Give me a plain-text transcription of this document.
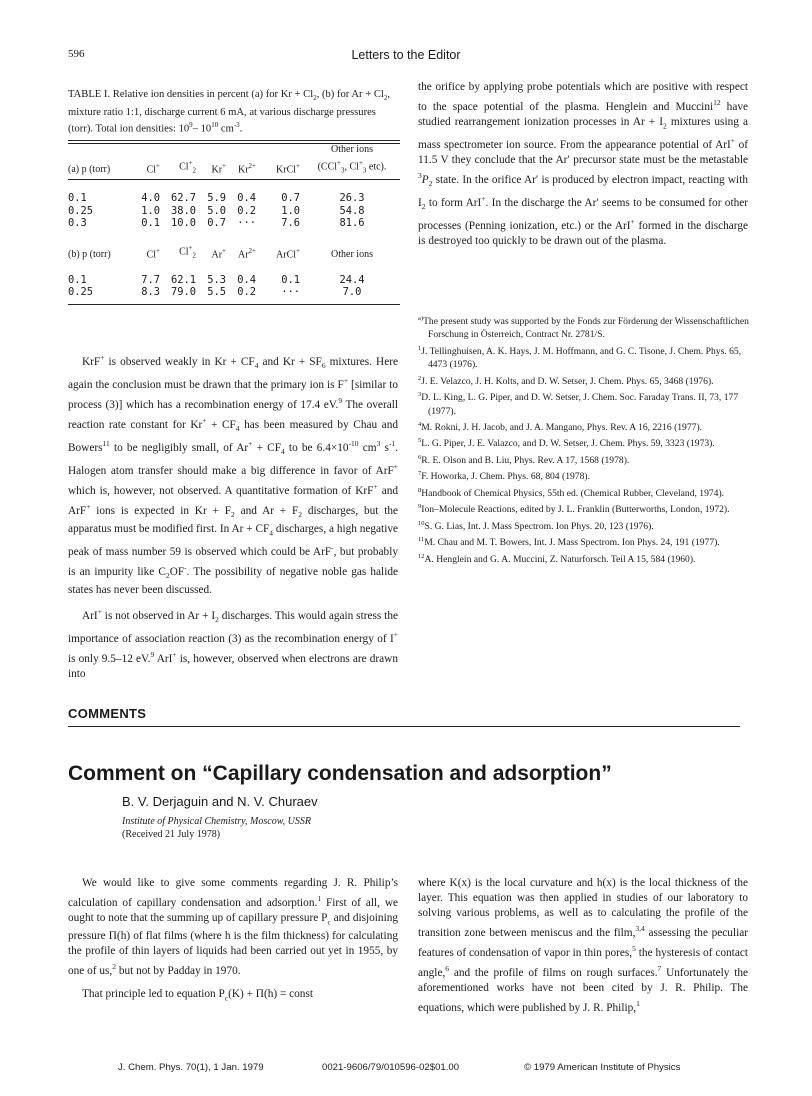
596	Letters to the Editor

TABLE I. Relative ion densities in percent (a) for $Kr + Cl_2$, (b) for $Ar + Cl_2$, mixture ratio 1:1, discharge current 6 mA, at various discharge pressures (torr). Total ion densities: $10^9-$ $10^{10}$ $cm^{-3}$.

						Other ions
(a) p (torr)	Cl+	$Cl^+_2$	Kr+	$Kr^{2+}$	KrCl+	(CCl+$_3$, $Cl^+_3$ etc).

0.1	4.0	62.7	5.9	0.4	0.7	26.3
0.25	1.0	38.0	5.0	0.2	1.0	54.8
0.3	0.1	10.0	0.7	···	7.6	81.6

(b) p (torr)	Cl+	$Cl^+_2$	Ar+	$Ar^{2+}$	ArCl+	Other ions

0.1	7.7	62.1	5.3	0.4	0.1	24.4
0.25	8.3	79.0	5.5	0.2	···	7.0

the orifice by applying probe potentials which are positive with respect to the space potential of the plasma. Henglein and Muccini$^{12}$ have studied rearrangement ionization processes in $Ar + I_2$ mixtures using a mass spectrometer ion source. From the appearance potential of ArI+ of 11.5 V they conclude that the Ar′ precursor state must be the metastable $^3P_2$ state. In the orifice Ar′ is produced by electron impact, reacting with $I_2$ to form ArI+. In the discharge the Ar′ seems to be consumed for other processes (Penning ionization, etc.) or the ArI+ formed in the discharge is destroyed too quickly to be drawn out of the plasma.

KrF+ is observed weakly in $Kr + CF_4$ and $Kr + SF_6$ mixtures. Here again the conclusion must be drawn that the primary ion is F+ [similar to process (3)] which has a recombination energy of 17.4 eV.$^9$ The overall reaction rate constant for $Kr^+ + CF_4$ has been measured by Chau and Bowers$^{11}$ to be negligibly small, of $Ar^+ + CF_4$ to be $6.4\times 10^{-10}$ $cm^3$ $s^{-1}$. Halogen atom transfer should make a big difference in favor of ArF+ which is, however, not observed. A quantitative formation of KrF+ and ArF+ ions is expected in $Kr + F_2$ and $Ar + F_2$ discharges, but the apparatus must be modified first. In $Ar + CF_4$ discharges, a high negative peak of mass number 59 is observed which could be ArF-, but probably is an impurity like $C_2OF^-$. The possibility of negative noble gas halide states has never been discussed.

ArI+ is not observed in $Ar + I_2$ discharges. This would again stress the importance of association reaction (3) as the recombination energy of I+ is only 9.5–12 eV.$^9$ ArI+ is, however, observed when electrons are drawn into

$^{a)}$The present study was supported by the Fonds zur Förderung der Wissenschaftlichen Forschung in Österreich, Contract Nr. 2781/S.

$^1$J. Tellinghuisen, A. K. Hays, J. M. Hoffmann, and G. C. Tisone, J. Chem. Phys. 65, 4473 (1976).

$^2$J. E. Velazco, J. H. Kolts, and D. W. Setser, J. Chem. Phys. 65, 3468 (1976).

$^3$D. L. King, L. G. Piper, and D. W. Setser, J. Chem. Soc. Faraday Trans. II, 73, 177 (1977).

$^4$M. Rokni, J. H. Jacob, and J. A. Mangano, Phys. Rev. A 16, 2216 (1977).

$^5$L. G. Piper, J. E. Valazco, and D. W. Setser, J. Chem. Phys. 59, 3323 (1973).

$^6$R. E. Olson and B. Liu, Phys. Rev. A 17, 1568 (1978).

$^7$F. Howorka, J. Chem. Phys. 68, 804 (1978).

$^8$Handbook of Chemical Physics, 55th ed. (Chemical Rubber, Cleveland, 1974).

$^9$Ion–Molecule Reactions, edited by J. L. Franklin (Butterworths, London, 1972).

$^{10}$S. G. Lias, Int. J. Mass Spectrom. Ion Phys. 20, 123 (1976).

$^{11}$M. Chau and M. T. Bowers, Int. J. Mass Spectrom. Ion Phys. 24, 191 (1977).

$^{12}$A. Henglein and G. A. Muccini, Z. Naturforsch. Teil A 15, 584 (1960).

COMMENTS
Comment on “Capillary condensation and adsorption”
B. V. Derjaguin and N. V. Churaev
Institute of Physical Chemistry, Moscow, USSR
(Received 21 July 1978)

We would like to give some comments regarding J. R. Philip’s calculation of capillary condensation and adsorption.$^1$ First of all, we ought to note that the summing up of capillary pressure $P_c$ and disjoining pressure Π(h) of flat films (where h is the film thickness) for calculating the profile of thin layers of liquids had been carried out yet in 1955, by one of us,$^2$ but not by Padday in 1970.

That principle led to equation $P_c(K) + \Pi(h)$ = const

where K(x) is the local curvature and h(x) is the local thickness of the layer. This equation was then applied in studies of our laboratory to solving various problems, as well as to calculating the profile of the transition zone between meniscus and the film,$^{3,4}$ assessing the peculiar features of condensation of vapor in thin pores,$^5$ the hysteresis of contact angle,$^6$ and the profile of films on rough surfaces.$^7$ Unfortunately the aforementioned works have not been cited by J. R. Philip. The equations, which were published by J. R. Philip,$^1$

J. Chem. Phys. 70(1), 1 Jan. 1979	0021-9606/79/010596-02$01.00	© 1979 American Institute of Physics
